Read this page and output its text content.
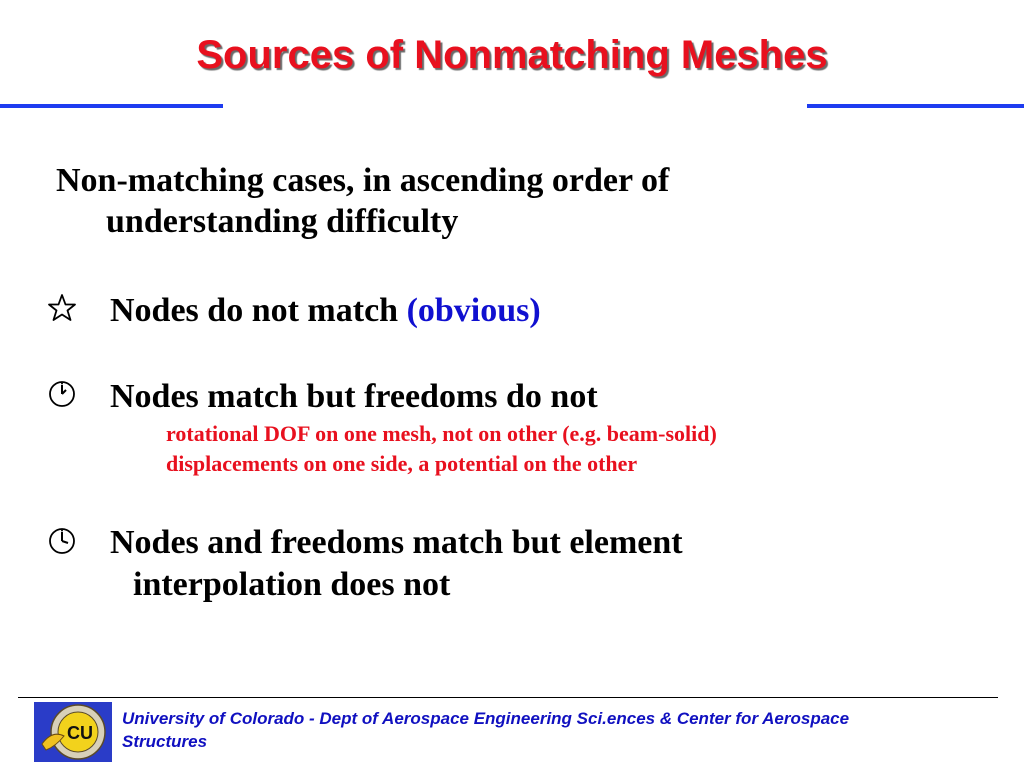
Sources of Nonmatching Meshes
Non-matching cases, in ascending order of
understanding difficulty
Nodes do not match (obvious)
Nodes match but freedoms do not
rotational DOF on one mesh, not on other (e.g. beam-solid)
displacements on one side, a potential on the other
Nodes and freedoms match but element
interpolation does not
CU
University of Colorado - Dept of Aerospace Engineering Sci.ences & Center for Aerospace
Structures
